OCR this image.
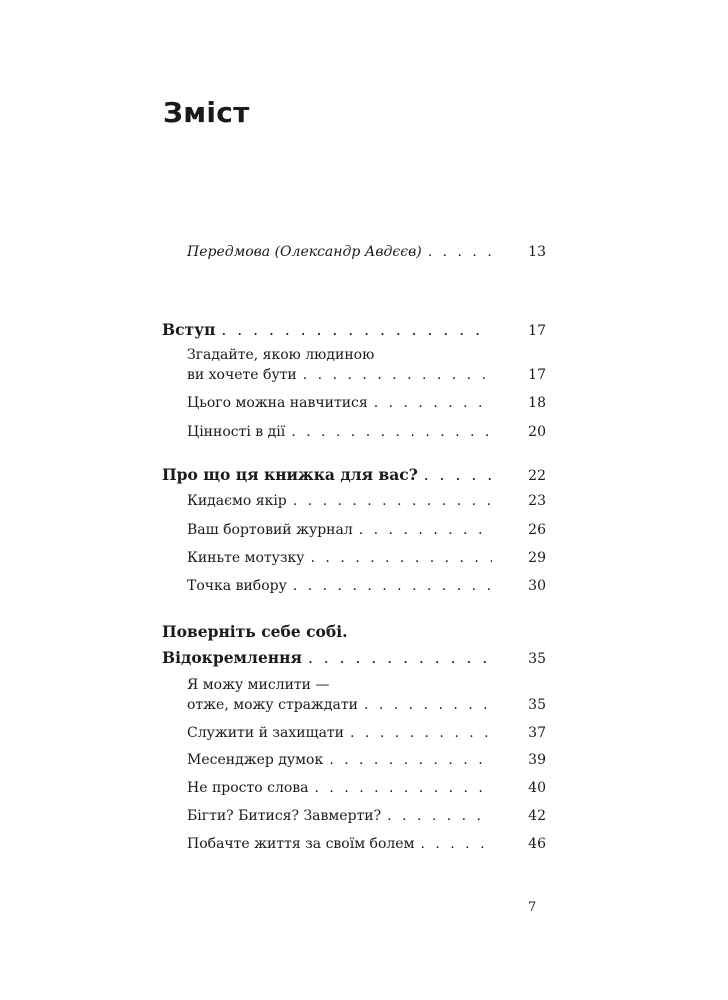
Зміст
Передмова (Олександр Авдєєв) . . .	13
Вступ . . .	17
Згадайте, якою людиною
ви хочете бути . . .	17
Цього можна навчитися . . .	18
Цінності в дії . . .	20
Про що ця книжка для вас? . . .	22
Кидаємо якір . . .	23
Ваш бортовий журнал . . .	26
Киньте мотузку . . .	29
Точка вибору . . .	30
Поверніть себе собі.
Відокремлення . . .	35
Я можу мислити —
отже, можу страждати . . .	35
Служити й захищати . . .	37
Месенджер думок . . .	39
Не просто слова . . .	40
Бігти? Битися? Завмерти? . . .	42
Побачте життя за своїм болем . . .	46
7
